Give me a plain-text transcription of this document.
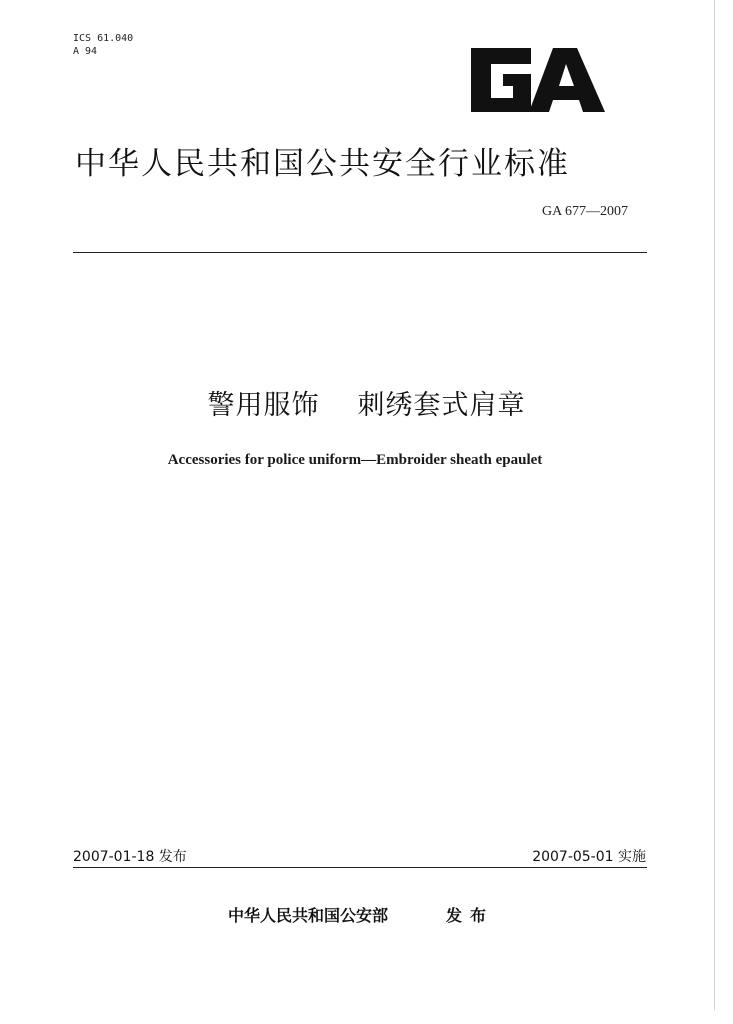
ICS 61.040
A 94
中华人民共和国公共安全行业标准
GA 677—2007
警用服饰 刺绣套式肩章
Accessories for police uniform—Embroider sheath epaulet
2007-01-18 发布	2007-05-01 实施
中华人民共和国公安部	发布
